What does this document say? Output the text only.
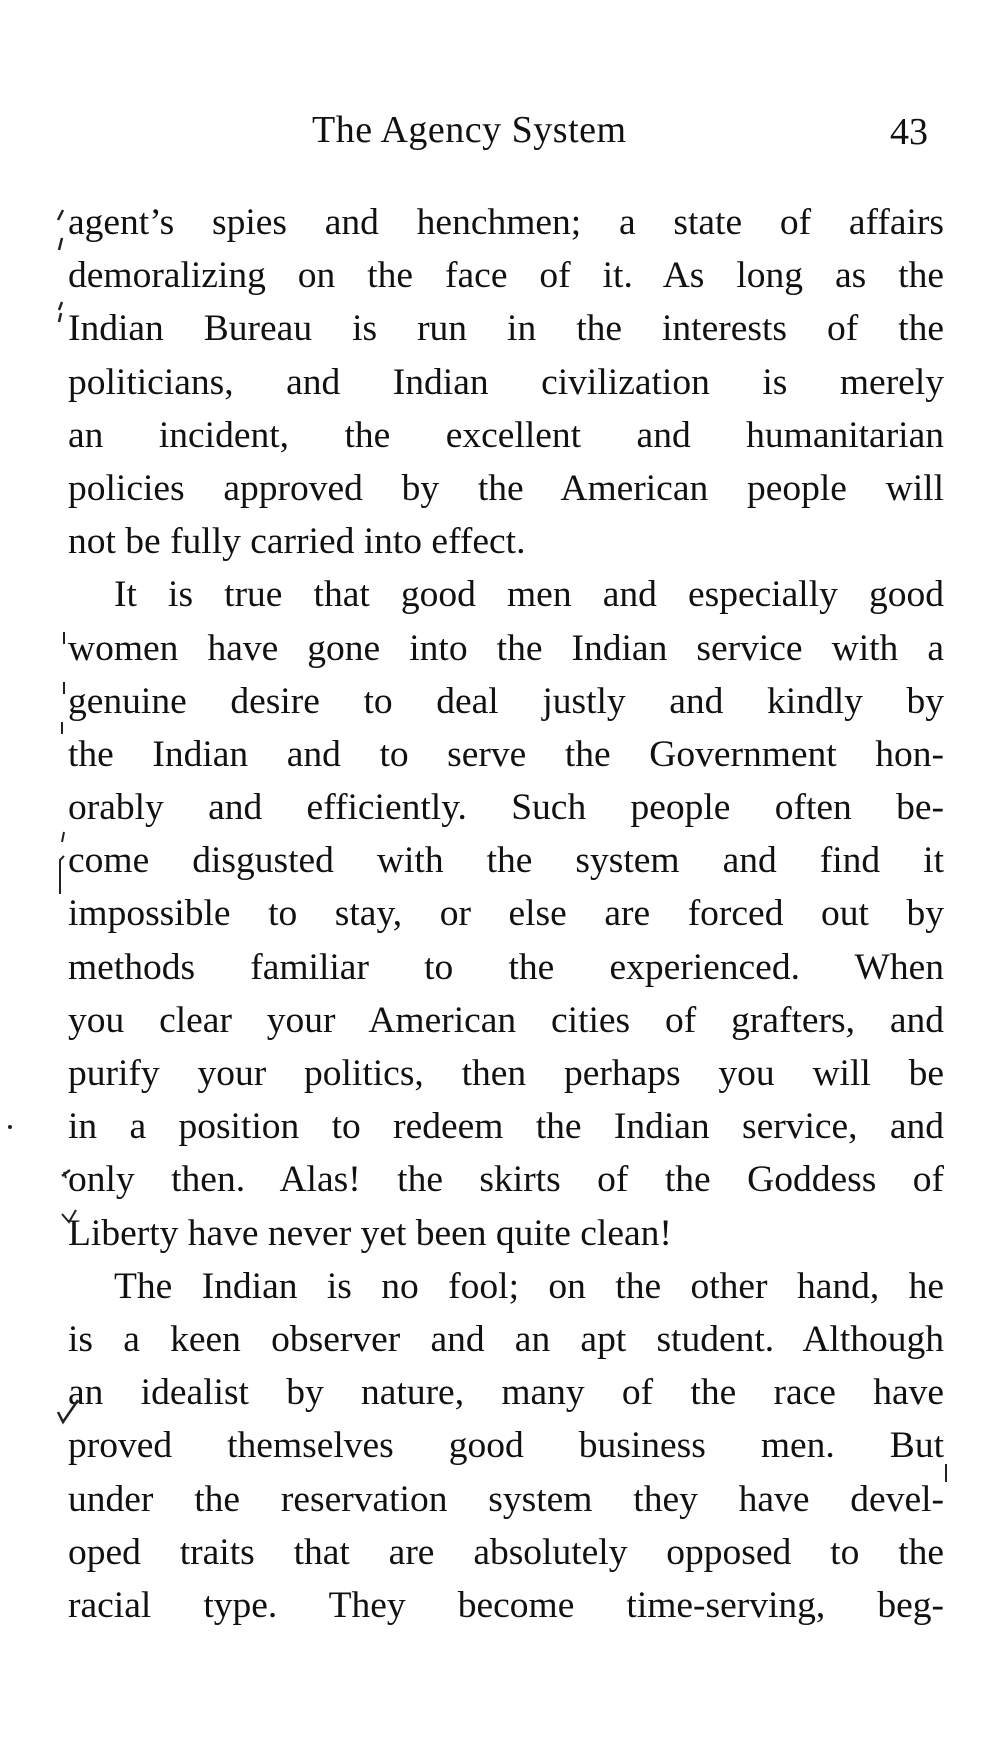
The Agency System	43
agent’s spies and henchmen; a state of affairs
demoralizing on the face of it. As long as the
Indian Bureau is run in the interests of the
politicians, and Indian civilization is merely
an incident, the excellent and humanitarian
policies approved by the American people will
not be fully carried into effect.
It is true that good men and especially good
women have gone into the Indian service with a
genuine desire to deal justly and kindly by
the Indian and to serve the Government hon-
orably and efficiently. Such people often be-
come disgusted with the system and find it
impossible to stay, or else are forced out by
methods familiar to the experienced. When
you clear your American cities of grafters, and
purify your politics, then perhaps you will be
in a position to redeem the Indian service, and
only then. Alas! the skirts of the Goddess of
Liberty have never yet been quite clean!
The Indian is no fool; on the other hand, he
is a keen observer and an apt student. Although
an idealist by nature, many of the race have
proved themselves good business men. But
under the reservation system they have devel-
oped traits that are absolutely opposed to the
racial type. They become time-serving, beg-
